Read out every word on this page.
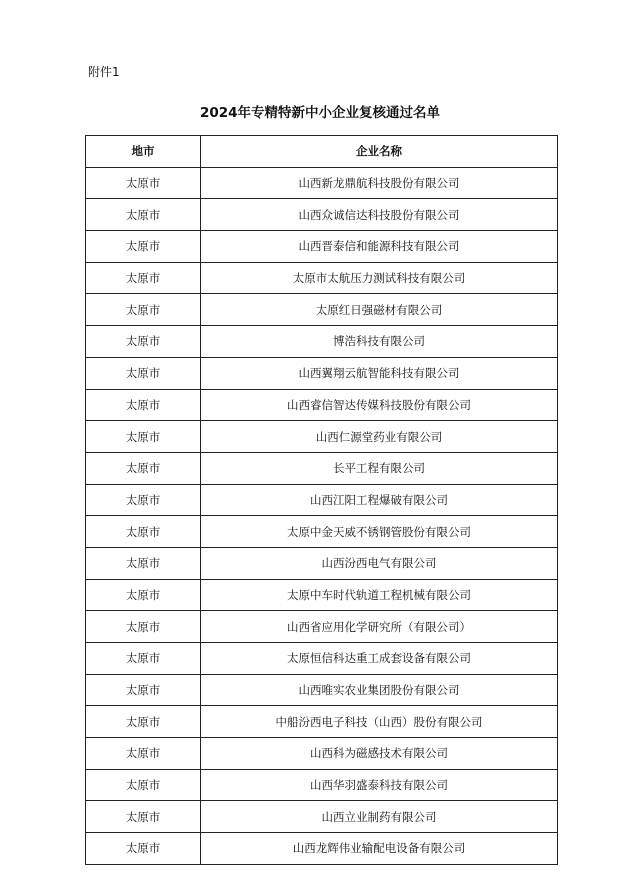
附件1
2024年专精特新中小企业复核通过名单
地市	企业名称
太原市	山西新龙鼎航科技股份有限公司
太原市	山西众诚信达科技股份有限公司
太原市	山西晋泰信和能源科技有限公司
太原市	太原市太航压力测试科技有限公司
太原市	太原红日强磁材有限公司
太原市	博浩科技有限公司
太原市	山西翼翔云航智能科技有限公司
太原市	山西睿信智达传媒科技股份有限公司
太原市	山西仁源堂药业有限公司
太原市	长平工程有限公司
太原市	山西江阳工程爆破有限公司
太原市	太原中金天威不锈钢管股份有限公司
太原市	山西汾西电气有限公司
太原市	太原中车时代轨道工程机械有限公司
太原市	山西省应用化学研究所（有限公司）
太原市	太原恒信科达重工成套设备有限公司
太原市	山西唯实农业集团股份有限公司
太原市	中船汾西电子科技（山西）股份有限公司
太原市	山西科为磁感技术有限公司
太原市	山西华羽盛泰科技有限公司
太原市	山西立业制药有限公司
太原市	山西龙辉伟业输配电设备有限公司
